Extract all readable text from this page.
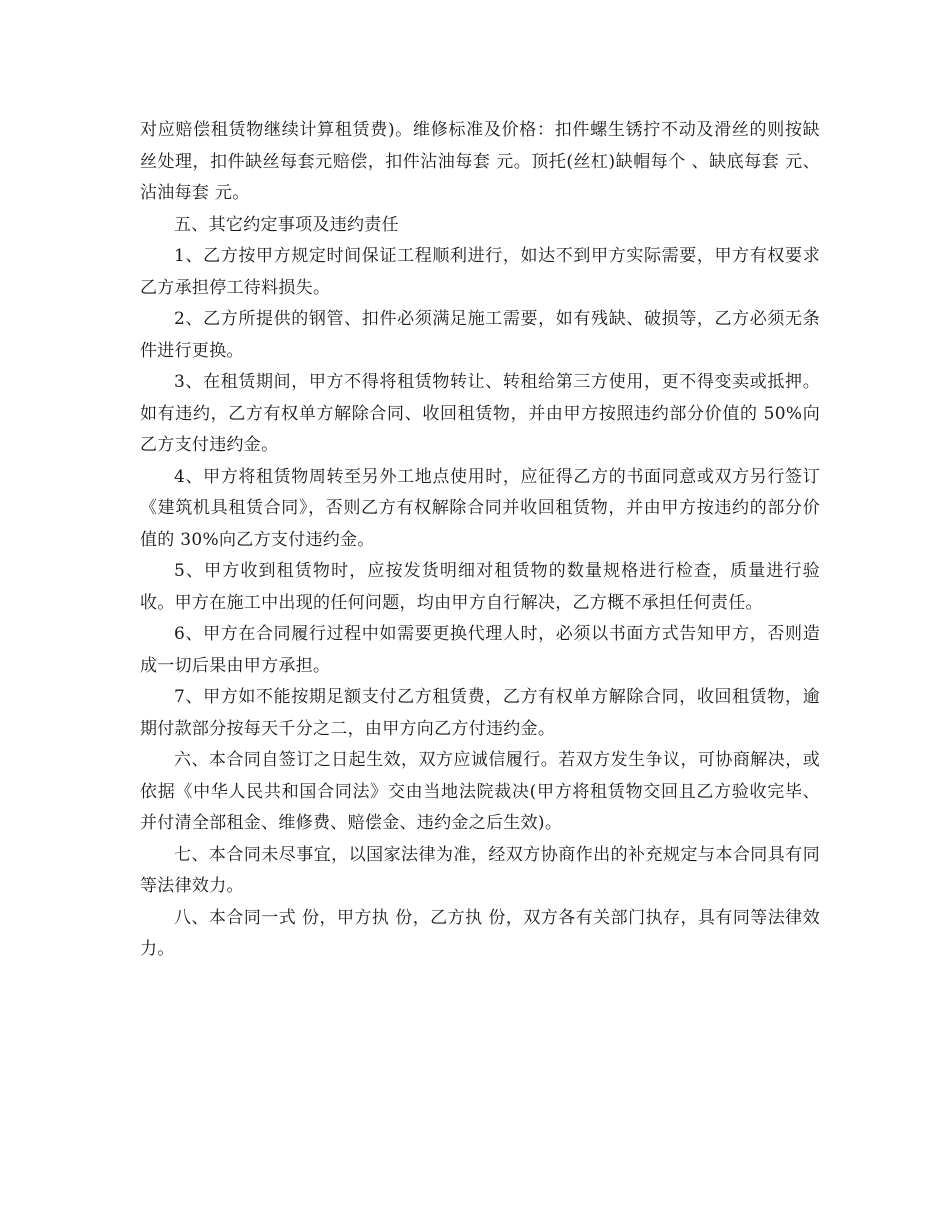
对应赔偿租赁物继续计算租赁费)。维修标准及价格：扣件螺生锈拧不动及滑丝的则按缺丝处理，扣件缺丝每套元赔偿，扣件沾油每套 元。顶托(丝杠)缺帽每个 、缺底每套 元、沾油每套 元。

五、其它约定事项及违约责任

1、乙方按甲方规定时间保证工程顺利进行，如达不到甲方实际需要，甲方有权要求乙方承担停工待料损失。

2、乙方所提供的钢管、扣件必须满足施工需要，如有残缺、破损等，乙方必须无条件进行更换。

3、在租赁期间，甲方不得将租赁物转让、转租给第三方使用，更不得变卖或抵押。如有违约，乙方有权单方解除合同、收回租赁物，并由甲方按照违约部分价值的 50%向乙方支付违约金。

4、甲方将租赁物周转至另外工地点使用时，应征得乙方的书面同意或双方另行签订《建筑机具租赁合同》，否则乙方有权解除合同并收回租赁物，并由甲方按违约的部分价值的 30%向乙方支付违约金。

5、甲方收到租赁物时，应按发货明细对租赁物的数量规格进行检查，质量进行验收。甲方在施工中出现的任何问题，均由甲方自行解决，乙方概不承担任何责任。

6、甲方在合同履行过程中如需要更换代理人时，必须以书面方式告知甲方，否则造成一切后果由甲方承担。

7、甲方如不能按期足额支付乙方租赁费，乙方有权单方解除合同，收回租赁物，逾期付款部分按每天千分之二，由甲方向乙方付违约金。

六、本合同自签订之日起生效，双方应诚信履行。若双方发生争议，可协商解决，或依据《中华人民共和国合同法》交由当地法院裁决(甲方将租赁物交回且乙方验收完毕、并付清全部租金、维修费、赔偿金、违约金之后生效)。

七、本合同未尽事宜，以国家法律为准，经双方协商作出的补充规定与本合同具有同等法律效力。

八、本合同一式 份，甲方执 份，乙方执 份，双方各有关部门执存，具有同等法律效力。
